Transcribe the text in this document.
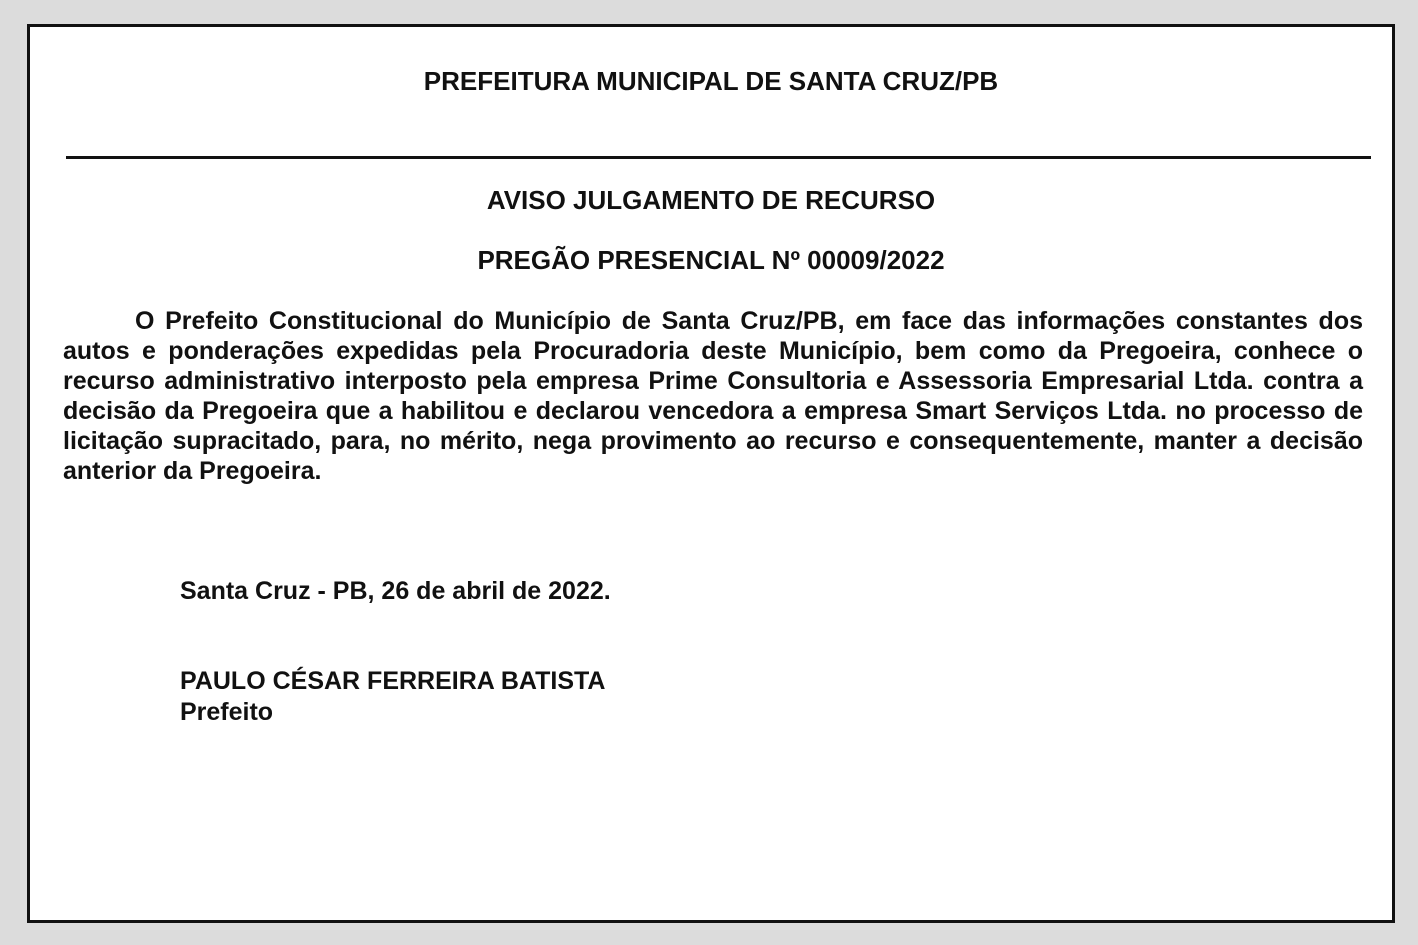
PREFEITURA MUNICIPAL DE SANTA CRUZ/PB
AVISO JULGAMENTO DE RECURSO
PREGÃO PRESENCIAL Nº 00009/2022
O Prefeito Constitucional do Município de Santa Cruz/PB, em face das informações constantes dos autos e ponderações expedidas pela Procuradoria deste Município, bem como da Pregoeira, conhece o recurso administrativo interposto pela empresa Prime Consultoria e Assessoria Empresarial Ltda. contra a decisão da Pregoeira que a habilitou e declarou vencedora a empresa Smart Serviços Ltda. no processo de licitação supracitado, para, no mérito, nega provimento ao recurso e consequentemente, manter a decisão anterior da Pregoeira.
Santa Cruz - PB, 26 de abril de 2022.
PAULO CÉSAR FERREIRA BATISTA
Prefeito
